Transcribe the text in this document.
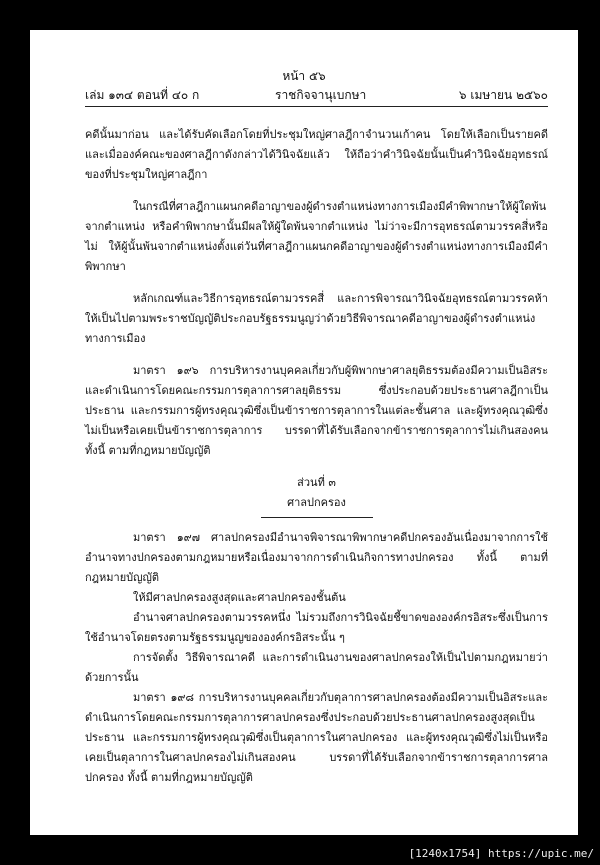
หน้า ๕๖
เล่ม ๑๓๔ ตอนที่ ๔๐ ก	ราชกิจจานุเบกษา	๖ เมษายน ๒๕๖๐

คดีนั้นมาก่อน และได้รับคัดเลือกโดยที่ประชุมใหญ่ศาลฎีกาจำนวนเก้าคน โดยให้เลือกเป็นรายคดี และเมื่อองค์คณะของศาลฎีกาดังกล่าวได้วินิจฉัยแล้ว ให้ถือว่าคำวินิจฉัยนั้นเป็นคำวินิจฉัยอุทธรณ์ของที่ประชุมใหญ่ศาลฎีกา

ในกรณีที่ศาลฎีกาแผนกคดีอาญาของผู้ดำรงตำแหน่งทางการเมืองมีคำพิพากษาให้ผู้ใดพ้นจากตำแหน่ง หรือคำพิพากษานั้นมีผลให้ผู้ใดพ้นจากตำแหน่ง ไม่ว่าจะมีการอุทธรณ์ตามวรรคสี่หรือไม่ ให้ผู้นั้นพ้นจากตำแหน่งตั้งแต่วันที่ศาลฎีกาแผนกคดีอาญาของผู้ดำรงตำแหน่งทางการเมืองมีคำพิพากษา

หลักเกณฑ์และวิธีการอุทธรณ์ตามวรรคสี่ และการพิจารณาวินิจฉัยอุทธรณ์ตามวรรคห้าให้เป็นไปตามพระราชบัญญัติประกอบรัฐธรรมนูญว่าด้วยวิธีพิจารณาคดีอาญาของผู้ดำรงตำแหน่งทางการเมือง

มาตรา ๑๙๖ การบริหารงานบุคคลเกี่ยวกับผู้พิพากษาศาลยุติธรรมต้องมีความเป็นอิสระและดำเนินการโดยคณะกรรมการตุลาการศาลยุติธรรม ซึ่งประกอบด้วยประธานศาลฎีกาเป็นประธาน และกรรมการผู้ทรงคุณวุฒิซึ่งเป็นข้าราชการตุลาการในแต่ละชั้นศาล และผู้ทรงคุณวุฒิซึ่งไม่เป็นหรือเคยเป็นข้าราชการตุลาการ บรรดาที่ได้รับเลือกจากข้าราชการตุลาการไม่เกินสองคน ทั้งนี้ ตามที่กฎหมายบัญญัติ

ส่วนที่ ๓
ศาลปกครอง

มาตรา ๑๙๗ ศาลปกครองมีอำนาจพิจารณาพิพากษาคดีปกครองอันเนื่องมาจากการใช้อำนาจทางปกครองตามกฎหมายหรือเนื่องมาจากการดำเนินกิจการทางปกครอง ทั้งนี้ ตามที่กฎหมายบัญญัติ

ให้มีศาลปกครองสูงสุดและศาลปกครองชั้นต้น

อำนาจศาลปกครองตามวรรคหนึ่ง ไม่รวมถึงการวินิจฉัยชี้ขาดขององค์กรอิสระซึ่งเป็นการใช้อำนาจโดยตรงตามรัฐธรรมนูญขององค์กรอิสระนั้น ๆ

การจัดตั้ง วิธีพิจารณาคดี และการดำเนินงานของศาลปกครองให้เป็นไปตามกฎหมายว่าด้วยการนั้น

มาตรา ๑๙๘ การบริหารงานบุคคลเกี่ยวกับตุลาการศาลปกครองต้องมีความเป็นอิสระและดำเนินการโดยคณะกรรมการตุลาการศาลปกครองซึ่งประกอบด้วยประธานศาลปกครองสูงสุดเป็นประธาน และกรรมการผู้ทรงคุณวุฒิซึ่งเป็นตุลาการในศาลปกครอง และผู้ทรงคุณวุฒิซึ่งไม่เป็นหรือเคยเป็นตุลาการในศาลปกครองไม่เกินสองคน บรรดาที่ได้รับเลือกจากข้าราชการตุลาการศาลปกครอง ทั้งนี้ ตามที่กฎหมายบัญญัติ

[1240x1754] https://upic.me/
